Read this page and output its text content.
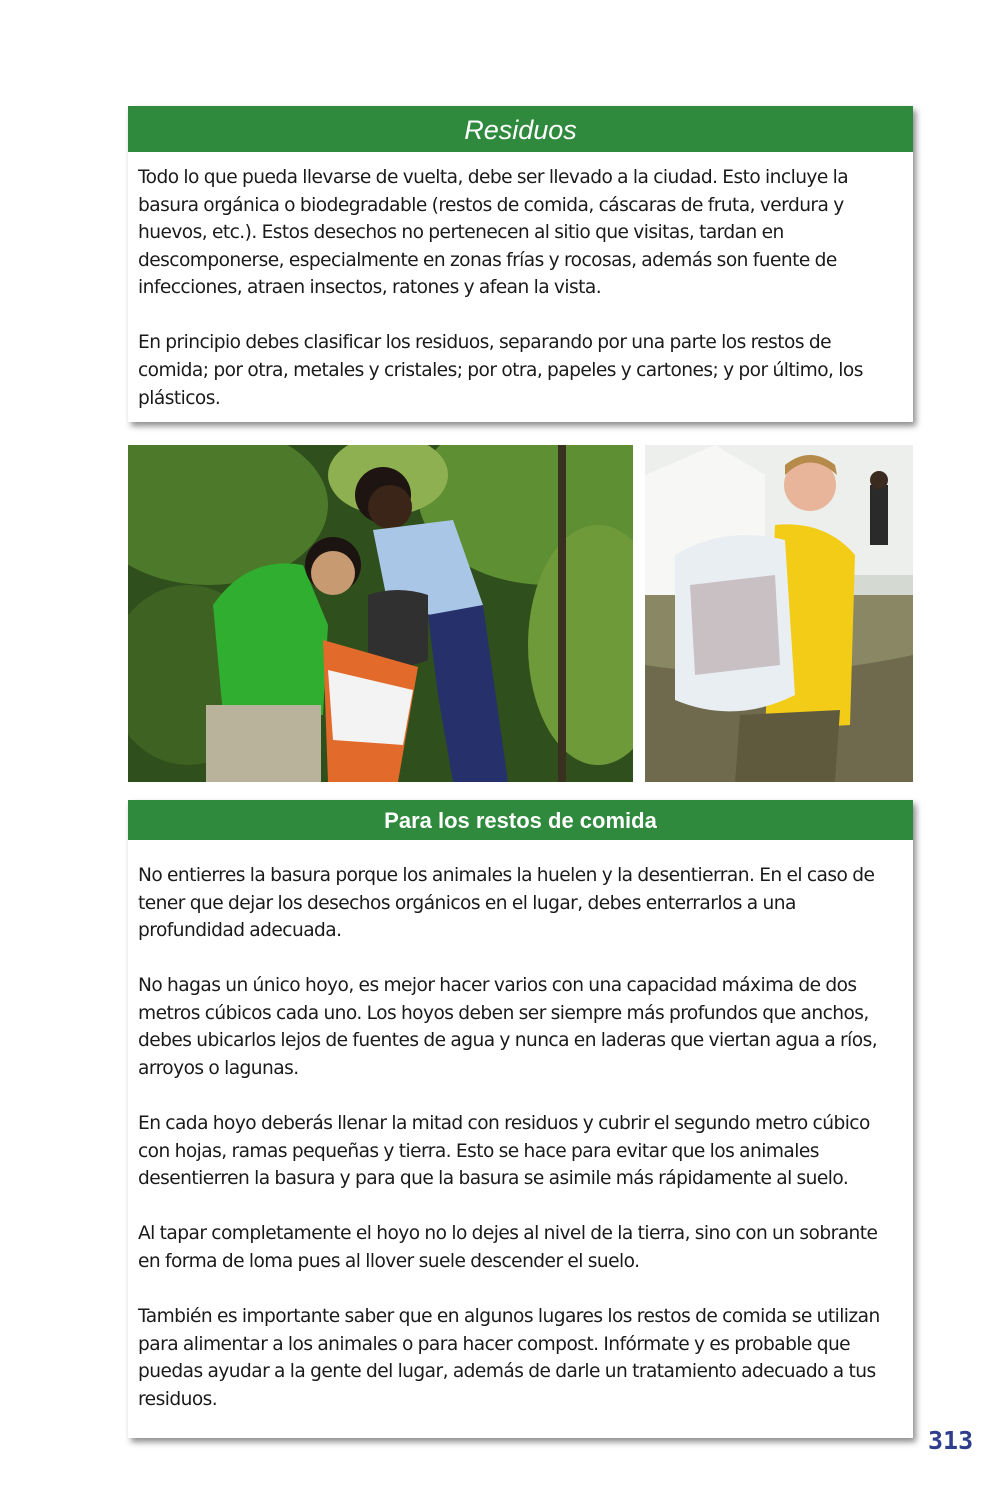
Residuos

Todo lo que pueda llevarse de vuelta, debe ser llevado a la ciudad. Esto incluye la basura orgánica o biodegradable (restos de comida, cáscaras de fruta, verdura y huevos, etc.). Estos desechos no pertenecen al sitio que visitas, tardan en descomponerse, especialmente en zonas frías y rocosas, además son fuente de infecciones, atraen insectos, ratones y afean la vista.

En principio debes clasificar los residuos, separando por una parte los restos de comida; por otra, metales y cristales; por otra, papeles y cartones; y por último, los plásticos.

Para los restos de comida

No entierres la basura porque los animales la huelen y la desentierran. En el caso de tener que dejar los desechos orgánicos en el lugar, debes enterrarlos a una profundidad adecuada.

No hagas un único hoyo, es mejor hacer varios con una capacidad máxima de dos metros cúbicos cada uno. Los hoyos deben ser siempre más profundos que anchos, debes ubicarlos lejos de fuentes de agua y nunca en laderas que viertan agua a ríos, arroyos o lagunas.

En cada hoyo deberás llenar la mitad con residuos y cubrir el segundo metro cúbico con hojas, ramas pequeñas y tierra. Esto se hace para evitar que los animales desentierren la basura y para que la basura se asimile más rápidamente al suelo.

Al tapar completamente el hoyo no lo dejes al nivel de la tierra, sino con un sobrante en forma de loma pues al llover suele descender el suelo.

También es importante saber que en algunos lugares los restos de comida se utilizan para alimentar a los animales o para hacer compost. Infórmate y es probable que puedas ayudar a la gente del lugar, además de darle un tratamiento adecuado a tus residuos.

313
